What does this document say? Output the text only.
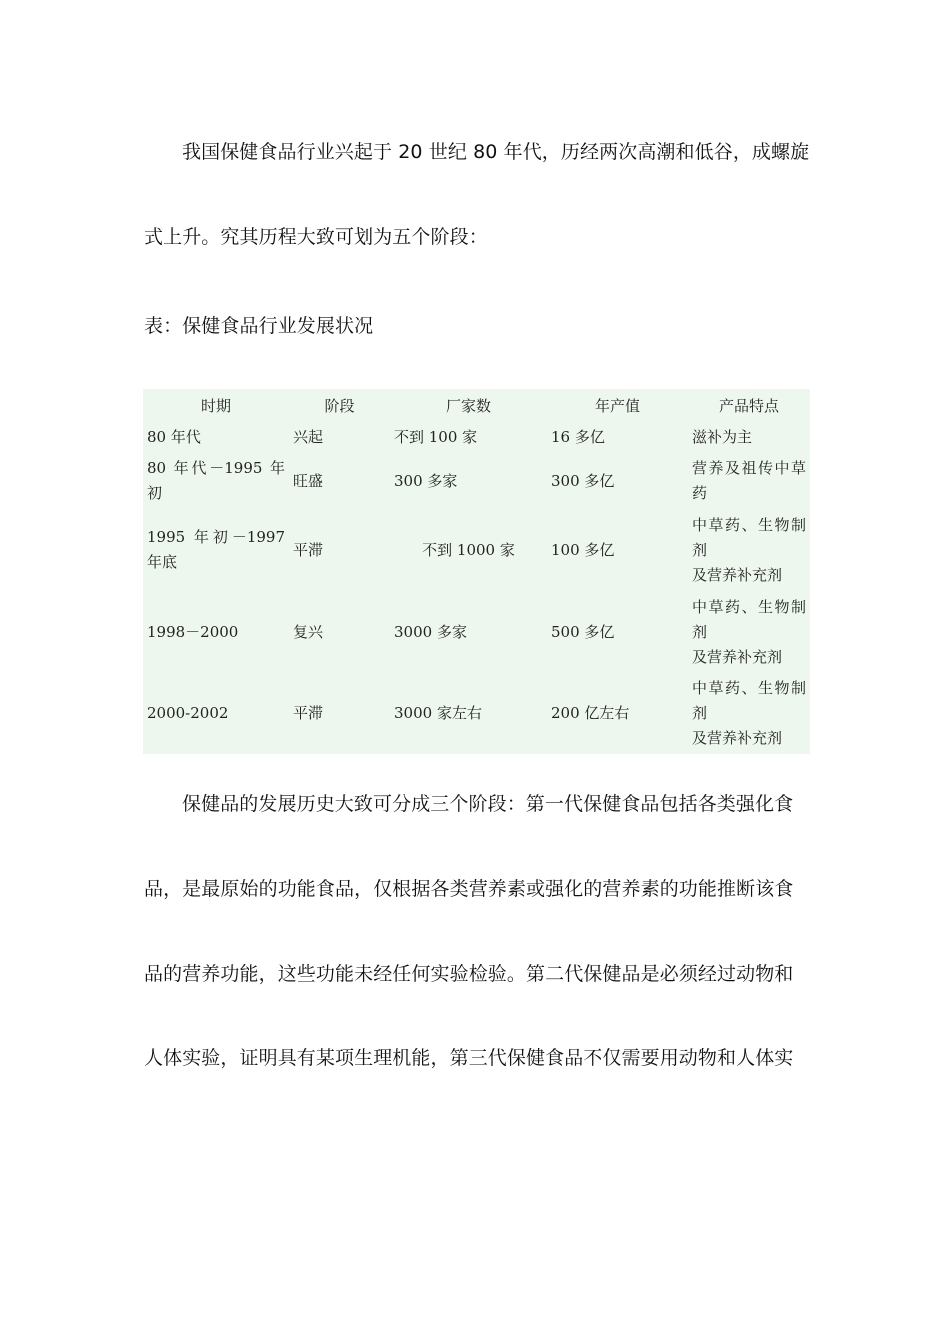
我国保健食品行业兴起于 20 世纪 80 年代，历经两次高潮和低谷，成螺旋
式上升。究其历程大致可划为五个阶段：
表：保健食品行业发展状况
时期	阶段	厂家数	年产值	产品特点
80 年代	兴起	不到 100 家	16 多亿	滋补为主
80 年代－1995 年初	旺盛	300 多家	300 多亿	营养及祖传中草药
1995 年初－1997 年底	平滞	不到 1000 家	100 多亿	中草药、生物制剂
及营养补充剂
1998－2000	复兴	3000 多家	500 多亿	中草药、生物制剂
及营养补充剂
2000-2002	平滞	3000 家左右	200 亿左右	中草药、生物制剂
及营养补充剂
保健品的发展历史大致可分成三个阶段：第一代保健食品包括各类强化食
品，是最原始的功能食品，仅根据各类营养素或强化的营养素的功能推断该食
品的营养功能，这些功能未经任何实验检验。第二代保健品是必须经过动物和
人体实验，证明具有某项生理机能，第三代保健食品不仅需要用动物和人体实
